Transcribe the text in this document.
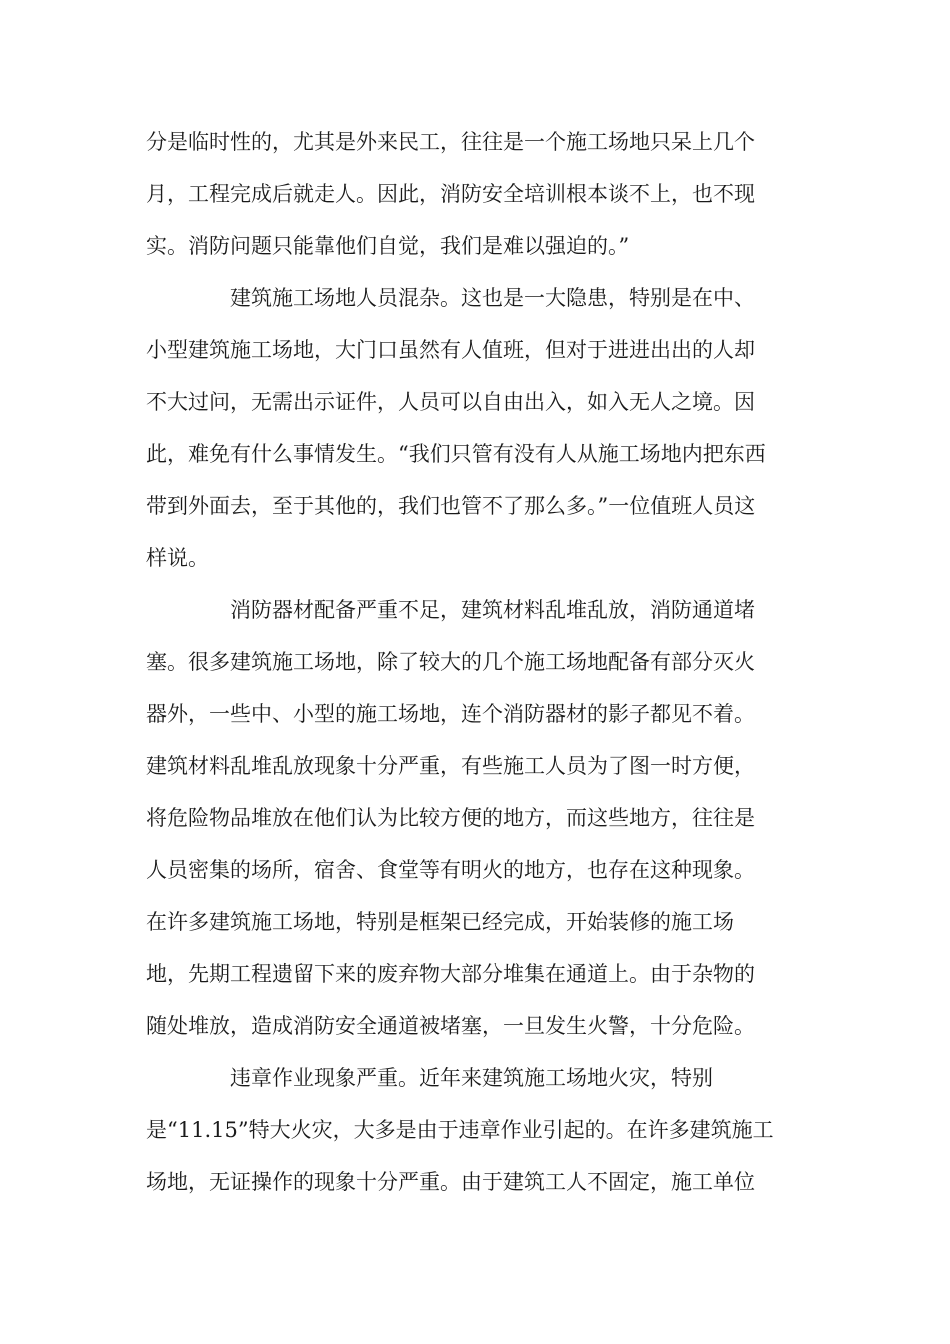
分是临时性的，尤其是外来民工，往往是一个施工场地只呆上几个
月，工程完成后就走人。因此，消防安全培训根本谈不上，也不现
实。消防问题只能靠他们自觉，我们是难以强迫的。”
建筑施工场地人员混杂。这也是一大隐患，特别是在中、
小型建筑施工场地，大门口虽然有人值班，但对于进进出出的人却
不大过问，无需出示证件，人员可以自由出入，如入无人之境。因
此，难免有什么事情发生。“我们只管有没有人从施工场地内把东西
带到外面去，至于其他的，我们也管不了那么多。”一位值班人员这
样说。
消防器材配备严重不足，建筑材料乱堆乱放，消防通道堵
塞。很多建筑施工场地，除了较大的几个施工场地配备有部分灭火
器外，一些中、小型的施工场地，连个消防器材的影子都见不着。
建筑材料乱堆乱放现象十分严重，有些施工人员为了图一时方便，
将危险物品堆放在他们认为比较方便的地方，而这些地方，往往是
人员密集的场所，宿舍、食堂等有明火的地方，也存在这种现象。
在许多建筑施工场地，特别是框架已经完成，开始装修的施工场
地，先期工程遗留下来的废弃物大部分堆集在通道上。由于杂物的
随处堆放，造成消防安全通道被堵塞，一旦发生火警，十分危险。
违章作业现象严重。近年来建筑施工场地火灾，特别
是“11.15”特大火灾，大多是由于违章作业引起的。在许多建筑施工
场地，无证操作的现象十分严重。由于建筑工人不固定，施工单位
